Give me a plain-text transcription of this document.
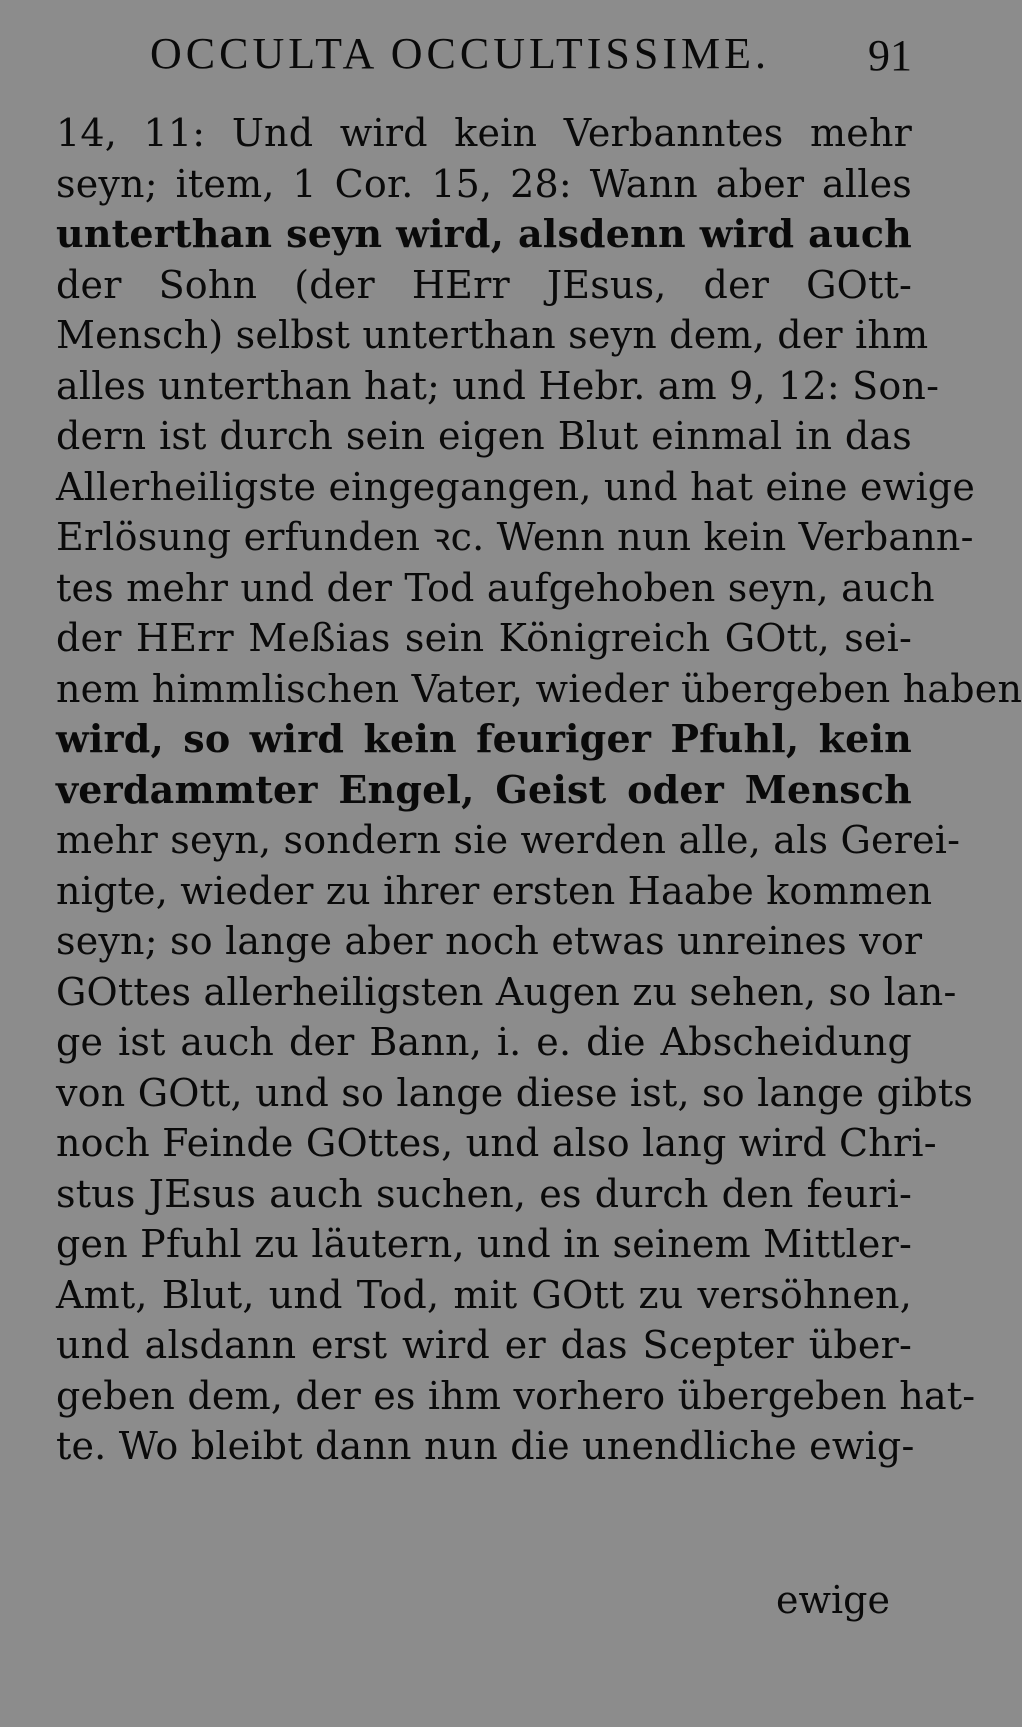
OCCULTA OCCULTISSIME.	91
14, 11: Und wird kein Verbanntes mehr
seyn; item, 1 Cor. 15, 28: Wann aber alles
unterthan seyn wird, alsdenn wird auch
der Sohn (der HErr JEsus, der GOtt-
Mensch) selbst unterthan seyn dem, der ihm
alles unterthan hat; und Hebr. am 9, 12: Son-
dern ist durch sein eigen Blut einmal in das
Allerheiligste eingegangen, und hat eine ewige
Erlösung erfunden ꝛc. Wenn nun kein Verbann-
tes mehr und der Tod aufgehoben seyn, auch
der HErr Meßias sein Königreich GOtt, sei-
nem himmlischen Vater, wieder übergeben haben
wird, so wird kein feuriger Pfuhl, kein
verdammter Engel, Geist oder Mensch
mehr seyn, sondern sie werden alle, als Gerei-
nigte, wieder zu ihrer ersten Haabe kommen
seyn; so lange aber noch etwas unreines vor
GOttes allerheiligsten Augen zu sehen, so lan-
ge ist auch der Bann, i. e. die Abscheidung
von GOtt, und so lange diese ist, so lange gibts
noch Feinde GOttes, und also lang wird Chri-
stus JEsus auch suchen, es durch den feuri-
gen Pfuhl zu läutern, und in seinem Mittler-
Amt, Blut, und Tod, mit GOtt zu versöhnen,
und alsdann erst wird er das Scepter über-
geben dem, der es ihm vorhero übergeben hat-
te. Wo bleibt dann nun die unendliche ewig-
ewige
